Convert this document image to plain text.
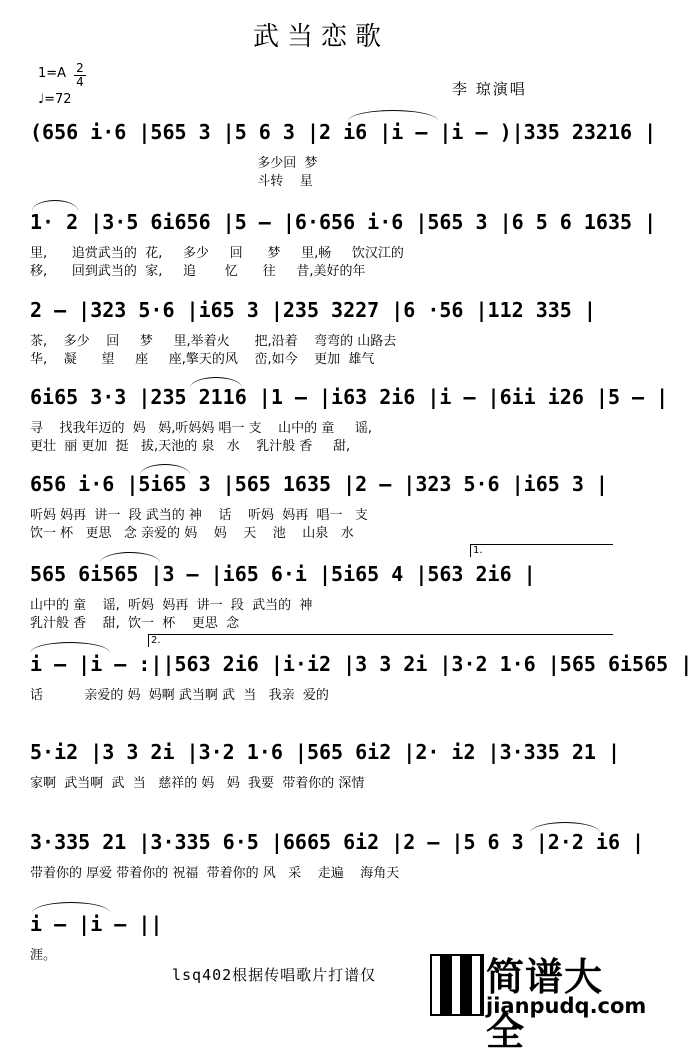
武当恋歌
1=A 2
4
♩=72
李 琼演唱
(656 i·6 |565 3 |5 6 3 |2 i6 |i – |i – )|335 23216 |
多少回  梦
斗转    星
1· 2 |3·5 6i656 |5 – |6·656 i·6 |565 3 |6 5 6 1635 |
里,      追赏武当的  花,     多少     回      梦     里,畅     饮汉江的
移,      回到武当的  家,     追       忆      往     昔,美好的年
2 – |323 5·6 |i65 3 |235 3227 |6 ·56 |112 335 |
茶,    多少    回     梦     里,举着火      把,沿着    弯弯的 山路去
华,    凝      望     座     座,擎天的风    峦,如今    更加  雄气
6i65 3·3 |235 2116 |1 – |i63 2i6 |i – |6ii i26 |5 – |
寻    找我年迈的  妈   妈,听妈妈 唱一 支    山中的 童     谣,
更壮  丽 更加  挺   拔,天池的 泉   水    乳汁般 香     甜,
656 i·6 |5i65 3 |565 1635 |2 – |323 5·6 |i65 3 |
听妈 妈再  讲一  段 武当的 神    话    听妈  妈再  唱一   支
饮一 杯   更思   念 亲爱的 妈    妈    天    池    山泉   水
1.
565 6i565 |3 – |i65 6·i |5i65 4 |563 2i6 |
山中的 童    谣,  听妈  妈再  讲一  段  武当的  神
乳汁般 香    甜,  饮一  杯    更思  念
2.
i – |i – :||563 2i6 |i·i2 |3 3 2i |3·2 1·6 |565 6i565 |
话          亲爱的 妈  妈啊 武当啊 武  当   我亲  爱的
5·i2 |3 3 2i |3·2 1·6 |565 6i2 |2· i2 |3·335 21 |
家啊  武当啊  武  当   慈祥的 妈   妈  我要  带着你的 深情
3·335 21 |3·335 6·5 |6665 6i2 |2 – |5 6 3 |2·2 i6 |
带着你的 厚爱 带着你的 祝福  带着你的 风   采    走遍    海角天
i – |i – ||
涯。
lsq402根据传唱歌片打谱仅	简谱大全
jianpudq.com
